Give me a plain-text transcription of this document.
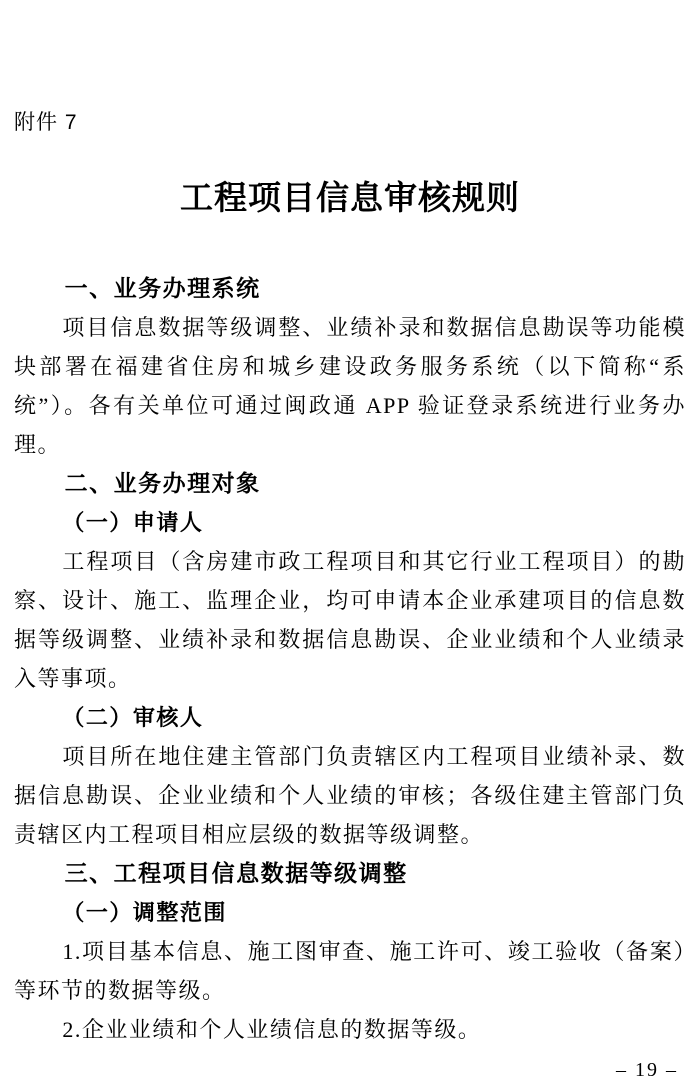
附件 7
工程项目信息审核规则
一、业务办理系统

项目信息数据等级调整、业绩补录和数据信息勘误等功能模块部署在福建省住房和城乡建设政务服务系统（以下简称“系统”）。各有关单位可通过闽政通 APP 验证登录系统进行业务办理。

二、业务办理对象
（一）申请人

工程项目（含房建市政工程项目和其它行业工程项目）的勘察、设计、施工、监理企业，均可申请本企业承建项目的信息数据等级调整、业绩补录和数据信息勘误、企业业绩和个人业绩录入等事项。

（二）审核人

项目所在地住建主管部门负责辖区内工程项目业绩补录、数据信息勘误、企业业绩和个人业绩的审核；各级住建主管部门负责辖区内工程项目相应层级的数据等级调整。

三、工程项目信息数据等级调整
（一）调整范围

1.项目基本信息、施工图审查、施工许可、竣工验收（备案）等环节的数据等级。

2.企业业绩和个人业绩信息的数据等级。

– 19 –
